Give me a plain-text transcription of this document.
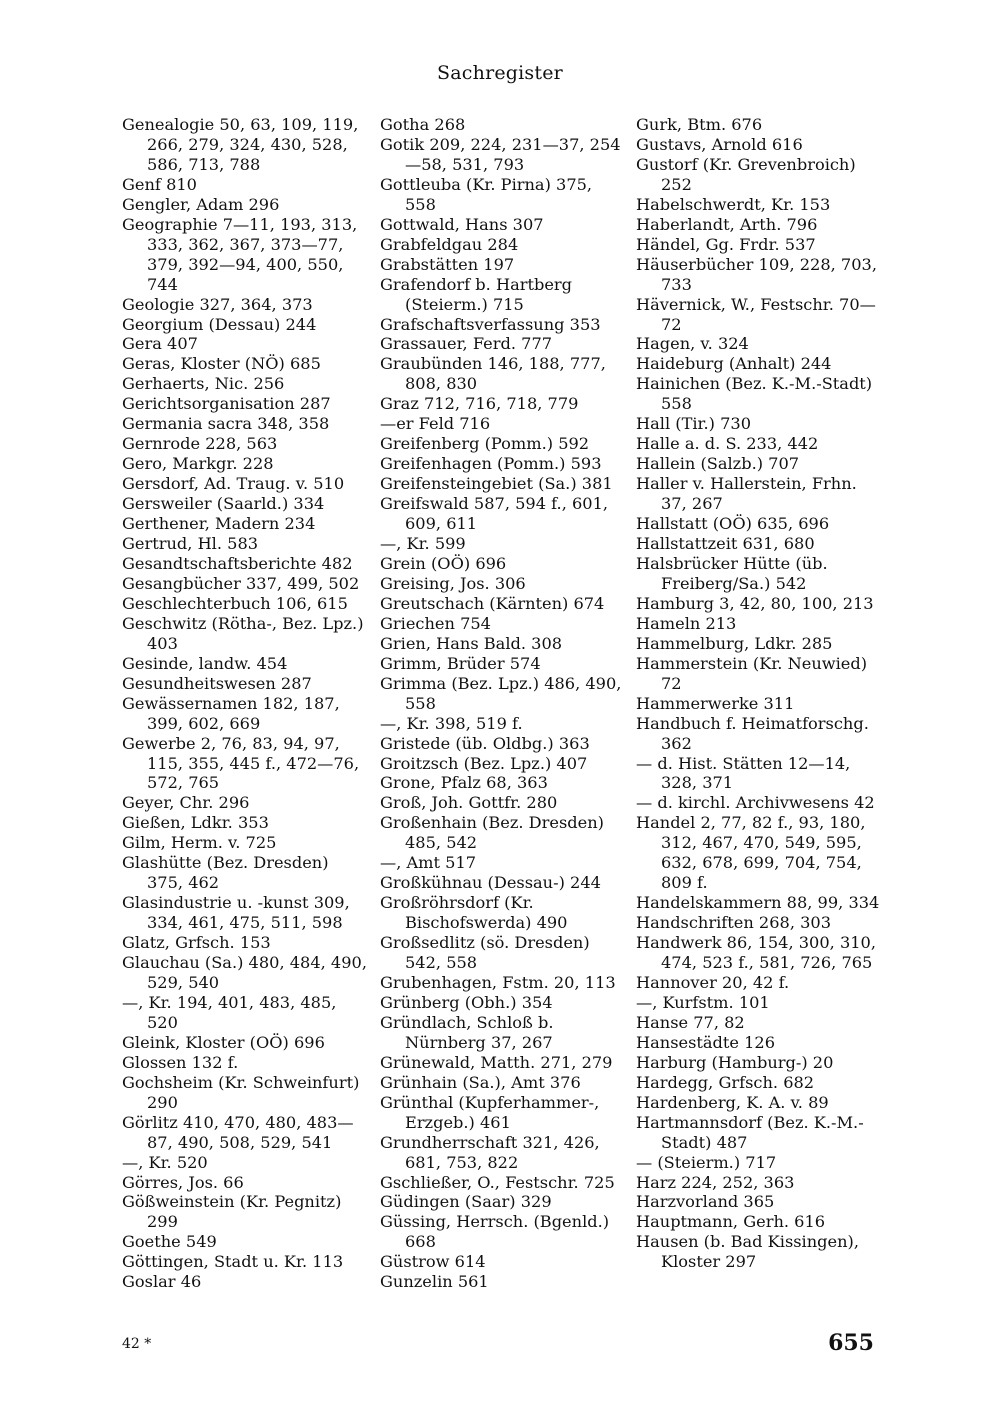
Sachregister

Genealogie 50, 63, 109, 119, 266, 279, 324, 430, 528, 586, 713, 788

Genf 810

Gengler, Adam 296

Geographie 7—11, 193, 313, 333, 362, 367, 373—77, 379, 392—94, 400, 550, 744

Geologie 327, 364, 373

Georgium (Dessau) 244

Gera 407

Geras, Kloster (NÖ) 685

Gerhaerts, Nic. 256

Gerichtsorganisation 287

Germania sacra 348, 358

Gernrode 228, 563

Gero, Markgr. 228

Gersdorf, Ad. Traug. v. 510

Gersweiler (Saarld.) 334

Gerthener, Madern 234

Gertrud, Hl. 583

Gesandtschaftsberichte 482

Gesangbücher 337, 499, 502

Geschlechterbuch 106, 615

Geschwitz (Rötha-, Bez. Lpz.) 403

Gesinde, landw. 454

Gesundheitswesen 287

Gewässernamen 182, 187, 399, 602, 669

Gewerbe 2, 76, 83, 94, 97, 115, 355, 445 f., 472—76, 572, 765

Geyer, Chr. 296

Gießen, Ldkr. 353

Gilm, Herm. v. 725

Glashütte (Bez. Dresden) 375, 462

Glasindustrie u. -kunst 309, 334, 461, 475, 511, 598

Glatz, Grfsch. 153

Glauchau (Sa.) 480, 484, 490, 529, 540

—, Kr. 194, 401, 483, 485, 520

Gleink, Kloster (OÖ) 696

Glossen 132 f.

Gochsheim (Kr. Schweinfurt) 290

Görlitz 410, 470, 480, 483—87, 490, 508, 529, 541

—, Kr. 520

Görres, Jos. 66

Gößweinstein (Kr. Pegnitz) 299

Goethe 549

Göttingen, Stadt u. Kr. 113

Goslar 46

Gotha 268

Gotik 209, 224, 231—37, 254—58, 531, 793

Gottleuba (Kr. Pirna) 375, 558

Gottwald, Hans 307

Grabfeldgau 284

Grabstätten 197

Grafendorf b. Hartberg (Steierm.) 715

Grafschaftsverfassung 353

Grassauer, Ferd. 777

Graubünden 146, 188, 777, 808, 830

Graz 712, 716, 718, 779

—er Feld 716

Greifenberg (Pomm.) 592

Greifenhagen (Pomm.) 593

Greifensteingebiet (Sa.) 381

Greifswald 587, 594 f., 601, 609, 611

—, Kr. 599

Grein (OÖ) 696

Greising, Jos. 306

Greutschach (Kärnten) 674

Griechen 754

Grien, Hans Bald. 308

Grimm, Brüder 574

Grimma (Bez. Lpz.) 486, 490, 558

—, Kr. 398, 519 f.

Gristede (üb. Oldbg.) 363

Groitzsch (Bez. Lpz.) 407

Grone, Pfalz 68, 363

Groß, Joh. Gottfr. 280

Großenhain (Bez. Dresden) 485, 542

—, Amt 517

Großkühnau (Dessau-) 244

Großröhrsdorf (Kr. Bischofswerda) 490

Großsedlitz (sö. Dresden) 542, 558

Grubenhagen, Fstm. 20, 113

Grünberg (Obh.) 354

Gründlach, Schloß b. Nürnberg 37, 267

Grünewald, Matth. 271, 279

Grünhain (Sa.), Amt 376

Grünthal (Kupferhammer-, Erzgeb.) 461

Grundherrschaft 321, 426, 681, 753, 822

Gschließer, O., Festschr. 725

Güdingen (Saar) 329

Güssing, Herrsch. (Bgenld.) 668

Güstrow 614

Gunzelin 561

Gurk, Btm. 676

Gustavs, Arnold 616

Gustorf (Kr. Grevenbroich) 252

Habelschwerdt, Kr. 153

Haberlandt, Arth. 796

Händel, Gg. Frdr. 537

Häuserbücher 109, 228, 703, 733

Hävernick, W., Festschr. 70—72

Hagen, v. 324

Haideburg (Anhalt) 244

Hainichen (Bez. K.-M.-Stadt) 558

Hall (Tir.) 730

Halle a. d. S. 233, 442

Hallein (Salzb.) 707

Haller v. Hallerstein, Frhn. 37, 267

Hallstatt (OÖ) 635, 696

Hallstattzeit 631, 680

Halsbrücker Hütte (üb. Freiberg/Sa.) 542

Hamburg 3, 42, 80, 100, 213

Hameln 213

Hammelburg, Ldkr. 285

Hammerstein (Kr. Neuwied) 72

Hammerwerke 311

Handbuch f. Heimatforschg. 362

— d. Hist. Stätten 12—14, 328, 371

— d. kirchl. Archivwesens 42

Handel 2, 77, 82 f., 93, 180, 312, 467, 470, 549, 595, 632, 678, 699, 704, 754, 809 f.

Handelskammern 88, 99, 334

Handschriften 268, 303

Handwerk 86, 154, 300, 310, 474, 523 f., 581, 726, 765

Hannover 20, 42 f.

—, Kurfstm. 101

Hanse 77, 82

Hansestädte 126

Harburg (Hamburg-) 20

Hardegg, Grfsch. 682

Hardenberg, K. A. v. 89

Hartmannsdorf (Bez. K.-M.-Stadt) 487

— (Steierm.) 717

Harz 224, 252, 363

Harzvorland 365

Hauptmann, Gerh. 616

Hausen (b. Bad Kissingen), Kloster 297

42 *	655
